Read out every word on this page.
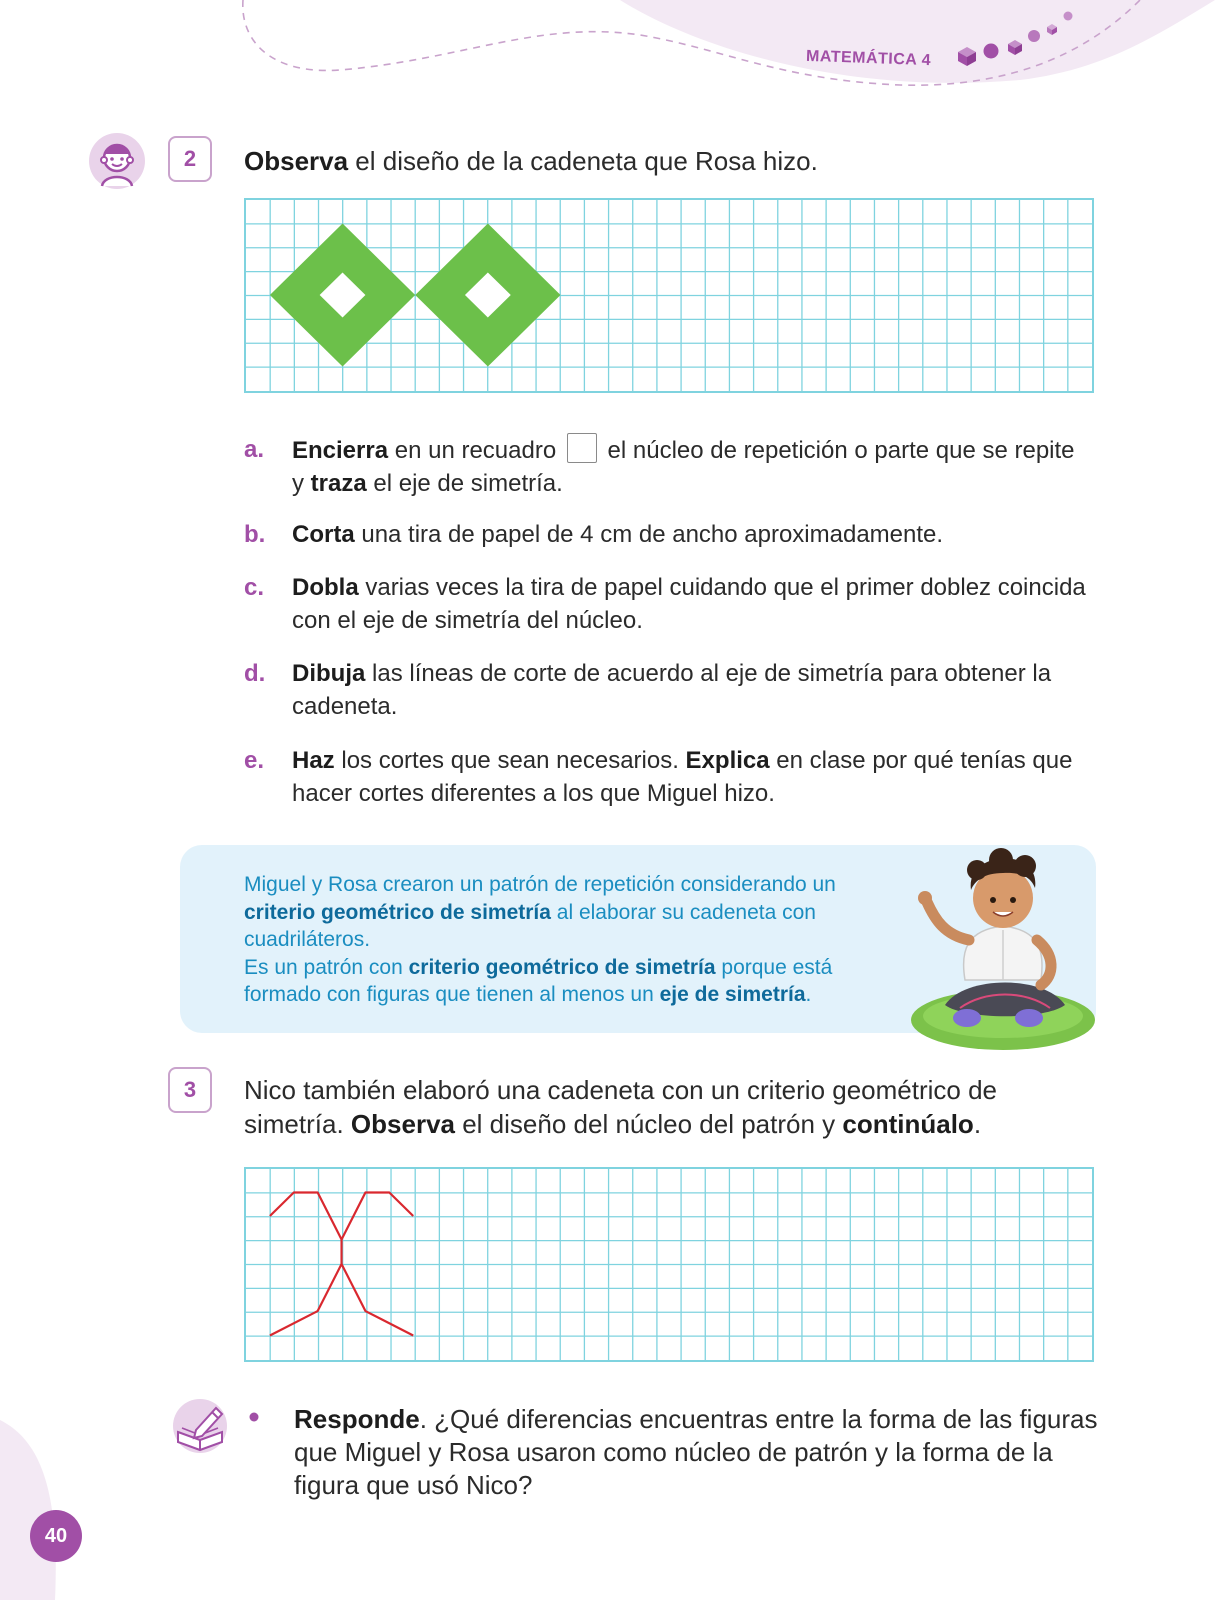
MATEMÁTICA 4
2	Observa el diseño de la cadeneta que Rosa hizo.
a. Encierra en un recuadro  el núcleo de repetición o parte que se repite y traza el eje de simetría.
b. Corta una tira de papel de 4 cm de ancho aproximadamente.
c. Dobla varias veces la tira de papel cuidando que el primer doblez coincida con el eje de simetría del núcleo.
d. Dibuja las líneas de corte de acuerdo al eje de simetría para obtener la cadeneta.
e. Haz los cortes que sean necesarios. Explica en clase por qué tenías que hacer cortes diferentes a los que Miguel hizo.
Miguel y Rosa crearon un patrón de repetición considerando un criterio geométrico de simetría al elaborar su cadeneta con cuadriláteros.
Es un patrón con criterio geométrico de simetría porque está formado con figuras que tienen al menos un eje de simetría.
3	Nico también elaboró una cadeneta con un criterio geométrico de simetría. Observa el diseño del núcleo del patrón y continúalo.
Responde. ¿Qué diferencias encuentras entre la forma de las figuras que Miguel y Rosa usaron como núcleo de patrón y la forma de la figura que usó Nico?
40
